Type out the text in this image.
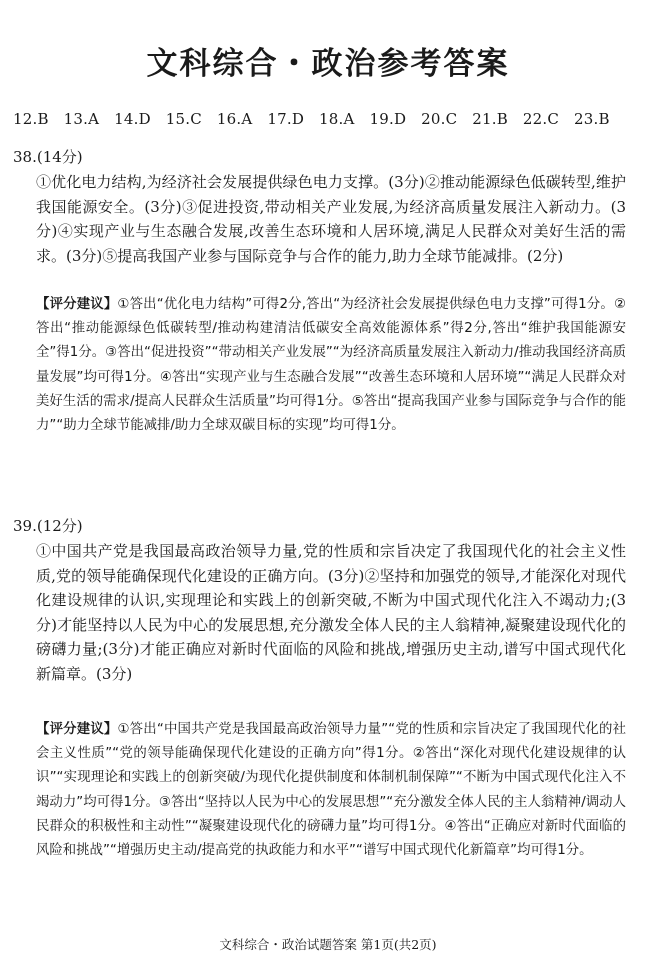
文科综合・政治参考答案
12.B 13.A 14.D 15.C 16.A 17.D 18.A 19.D 20.C 21.B 22.C 23.B
38.(14分)

①优化电力结构,为经济社会发展提供绿色电力支撑。(3分)②推动能源绿色低碳转型,维护我国能源安全。(3分)③促进投资,带动相关产业发展,为经济高质量发展注入新动力。(3分)④实现产业与生态融合发展,改善生态环境和人居环境,满足人民群众对美好生活的需求。(3分)⑤提高我国产业参与国际竞争与合作的能力,助力全球节能减排。(2分)

【评分建议】①答出“优化电力结构”可得2分,答出“为经济社会发展提供绿色电力支撑”可得1分。②答出“推动能源绿色低碳转型/推动构建清洁低碳安全高效能源体系”得2分,答出“维护我国能源安全”得1分。③答出“促进投资”“带动相关产业发展”“为经济高质量发展注入新动力/推动我国经济高质量发展”均可得1分。④答出“实现产业与生态融合发展”“改善生态环境和人居环境”“满足人民群众对美好生活的需求/提高人民群众生活质量”均可得1分。⑤答出“提高我国产业参与国际竞争与合作的能力”“助力全球节能减排/助力全球双碳目标的实现”均可得1分。

39.(12分)

①中国共产党是我国最高政治领导力量,党的性质和宗旨决定了我国现代化的社会主义性质,党的领导能确保现代化建设的正确方向。(3分)②坚持和加强党的领导,才能深化对现代化建设规律的认识,实现理论和实践上的创新突破,不断为中国式现代化注入不竭动力;(3分)才能坚持以人民为中心的发展思想,充分激发全体人民的主人翁精神,凝聚建设现代化的磅礴力量;(3分)才能正确应对新时代面临的风险和挑战,增强历史主动,谱写中国式现代化新篇章。(3分)

【评分建议】①答出“中国共产党是我国最高政治领导力量”“党的性质和宗旨决定了我国现代化的社会主义性质”“党的领导能确保现代化建设的正确方向”得1分。②答出“深化对现代化建设规律的认识”“实现理论和实践上的创新突破/为现代化提供制度和体制机制保障”“不断为中国式现代化注入不竭动力”均可得1分。③答出“坚持以人民为中心的发展思想”“充分激发全体人民的主人翁精神/调动人民群众的积极性和主动性”“凝聚建设现代化的磅礴力量”均可得1分。④答出“正确应对新时代面临的风险和挑战”“增强历史主动/提高党的执政能力和水平”“谱写中国式现代化新篇章”均可得1分。

文科综合・政治试题答案 第1页(共2页)
